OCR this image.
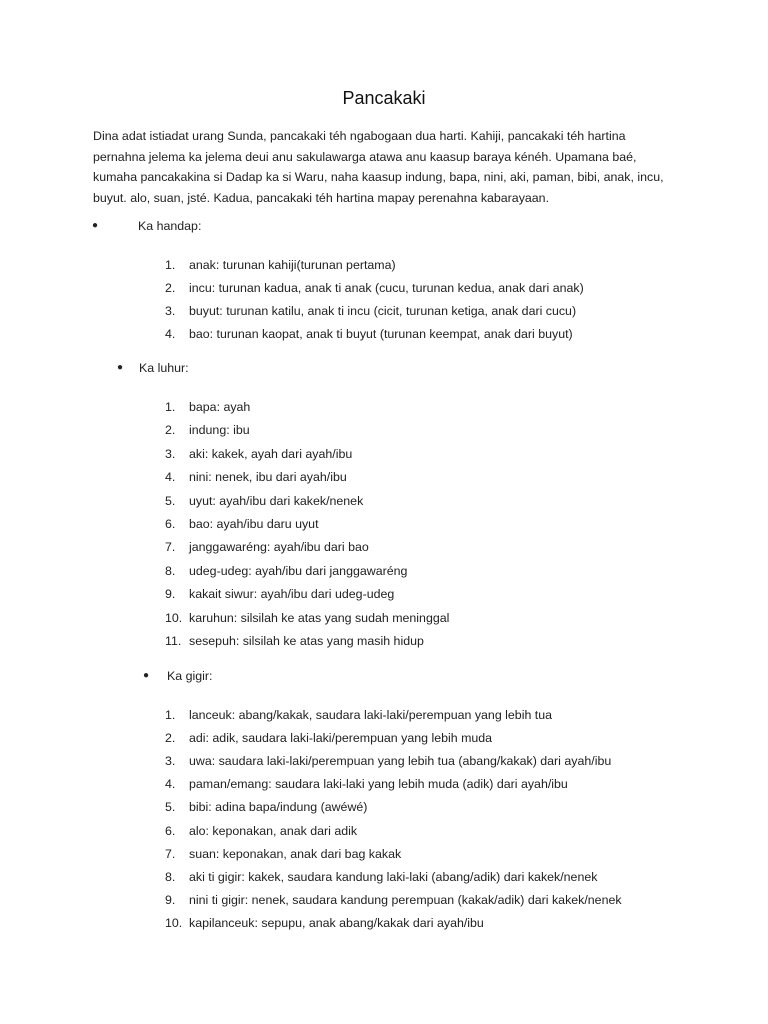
Pancakaki
Dina adat istiadat urang Sunda, pancakaki téh ngabogaan dua harti. Kahiji, pancakaki téh hartina pernahna jelema ka jelema deui anu sakulawarga atawa anu kaasup baraya kénéh. Upamana baé, kumaha pancakakina si Dadap ka si Waru, naha kaasup indung, bapa, nini, aki, paman, bibi, anak, incu, buyut. alo, suan, jsté. Kadua, pancakaki téh hartina mapay perenahna kabarayaan.
●	Ka handap:
1. anak: turunan kahiji(turunan pertama)
2. incu: turunan kadua, anak ti anak (cucu, turunan kedua, anak dari anak)
3. buyut: turunan katilu, anak ti incu (cicit, turunan ketiga, anak dari cucu)
4. bao: turunan kaopat, anak ti buyut (turunan keempat, anak dari buyut)
● Ka luhur:
1. bapa: ayah
2. indung: ibu
3. aki: kakek, ayah dari ayah/ibu
4. nini: nenek, ibu dari ayah/ibu
5. uyut: ayah/ibu dari kakek/nenek
6. bao: ayah/ibu daru uyut
7. janggawaréng: ayah/ibu dari bao
8. udeg-udeg: ayah/ibu dari janggawaréng
9. kakait siwur: ayah/ibu dari udeg-udeg
10. karuhun: silsilah ke atas yang sudah meninggal
11. sesepuh: silsilah ke atas yang masih hidup
● Ka gigir:
1. lanceuk: abang/kakak, saudara laki-laki/perempuan yang lebih tua
2. adi: adik, saudara laki-laki/perempuan yang lebih muda
3. uwa: saudara laki-laki/perempuan yang lebih tua (abang/kakak) dari ayah/ibu
4. paman/emang: saudara laki-laki yang lebih muda (adik) dari ayah/ibu
5. bibi: adina bapa/indung (awéwé)
6. alo: keponakan, anak dari adik
7. suan: keponakan, anak dari bag kakak
8. aki ti gigir: kakek, saudara kandung laki-laki (abang/adik) dari kakek/nenek
9. nini ti gigir: nenek, saudara kandung perempuan (kakak/adik) dari kakek/nenek
10. kapilanceuk: sepupu, anak abang/kakak dari ayah/ibu
